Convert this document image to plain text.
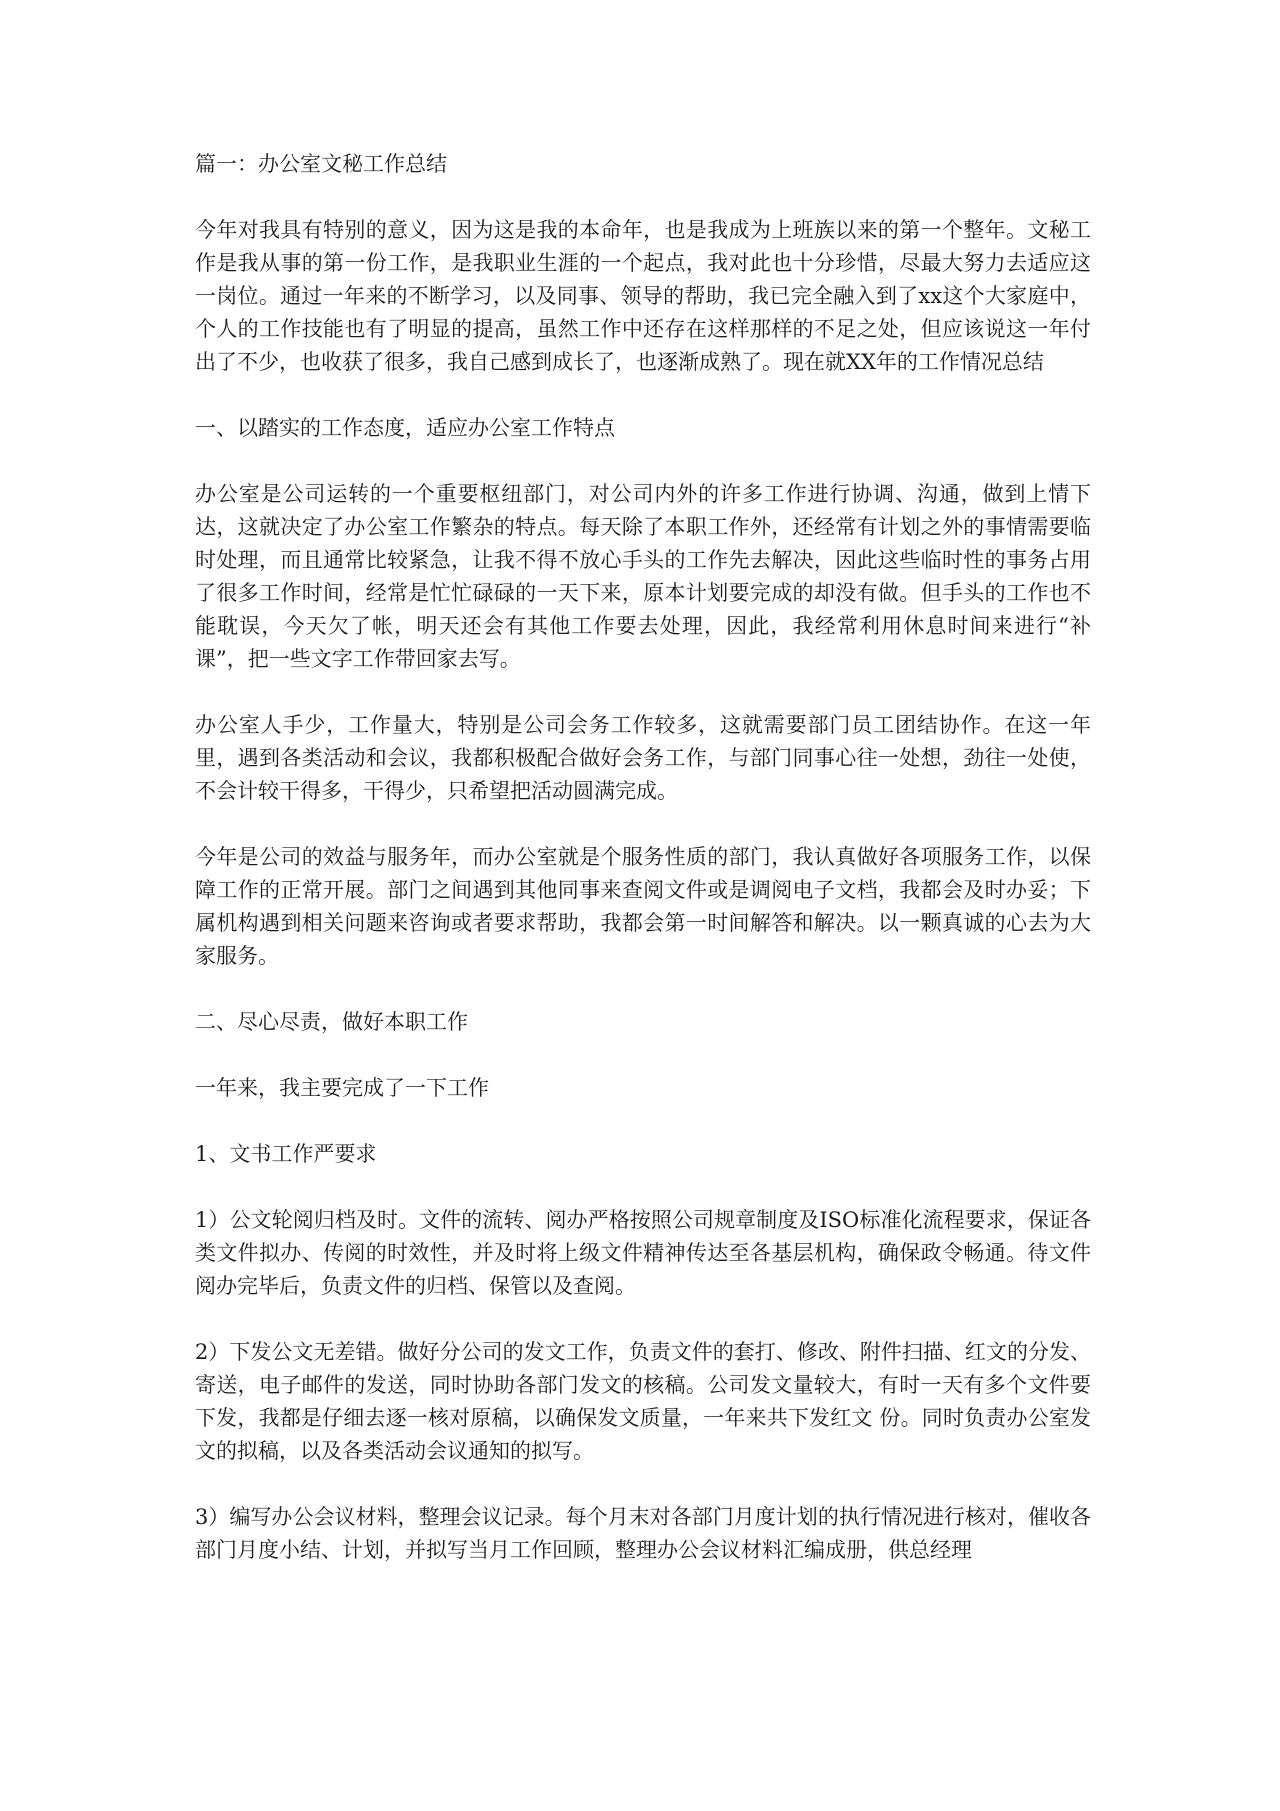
篇一：办公室文秘工作总结

今年对我具有特别的意义，因为这是我的本命年，也是我成为上班族以来的第一个整年。文秘工作是我从事的第一份工作，是我职业生涯的一个起点，我对此也十分珍惜，尽最大努力去适应这一岗位。通过一年来的不断学习，以及同事、领导的帮助，我已完全融入到了xx这个大家庭中，个人的工作技能也有了明显的提高，虽然工作中还存在这样那样的不足之处，但应该说这一年付出了不少，也收获了很多，我自己感到成长了，也逐渐成熟了。现在就XX年的工作情况总结

一、以踏实的工作态度，适应办公室工作特点

办公室是公司运转的一个重要枢纽部门，对公司内外的许多工作进行协调、沟通，做到上情下达，这就决定了办公室工作繁杂的特点。每天除了本职工作外，还经常有计划之外的事情需要临时处理，而且通常比较紧急，让我不得不放心手头的工作先去解决，因此这些临时性的事务占用了很多工作时间，经常是忙忙碌碌的一天下来，原本计划要完成的却没有做。但手头的工作也不能耽误，今天欠了帐，明天还会有其他工作要去处理，因此，我经常利用休息时间来进行“补课”，把一些文字工作带回家去写。

办公室人手少，工作量大，特别是公司会务工作较多，这就需要部门员工团结协作。在这一年里，遇到各类活动和会议，我都积极配合做好会务工作，与部门同事心往一处想，劲往一处使，不会计较干得多，干得少，只希望把活动圆满完成。

今年是公司的效益与服务年，而办公室就是个服务性质的部门，我认真做好各项服务工作，以保障工作的正常开展。部门之间遇到其他同事来查阅文件或是调阅电子文档，我都会及时办妥；下属机构遇到相关问题来咨询或者要求帮助，我都会第一时间解答和解决。以一颗真诚的心去为大家服务。

二、尽心尽责，做好本职工作

一年来，我主要完成了一下工作

1、文书工作严要求

1）公文轮阅归档及时。文件的流转、阅办严格按照公司规章制度及ISO标准化流程要求，保证各类文件拟办、传阅的时效性，并及时将上级文件精神传达至各基层机构，确保政令畅通。待文件阅办完毕后，负责文件的归档、保管以及查阅。

2）下发公文无差错。做好分公司的发文工作，负责文件的套打、修改、附件扫描、红文的分发、寄送，电子邮件的发送，同时协助各部门发文的核稿。公司发文量较大，有时一天有多个文件要下发，我都是仔细去逐一核对原稿，以确保发文质量，一年来共下发红文 份。同时负责办公室发文的拟稿，以及各类活动会议通知的拟写。

3）编写办公会议材料，整理会议记录。每个月末对各部门月度计划的执行情况进行核对，催收各部门月度小结、计划，并拟写当月工作回顾，整理办公会议材料汇编成册，供总经理
